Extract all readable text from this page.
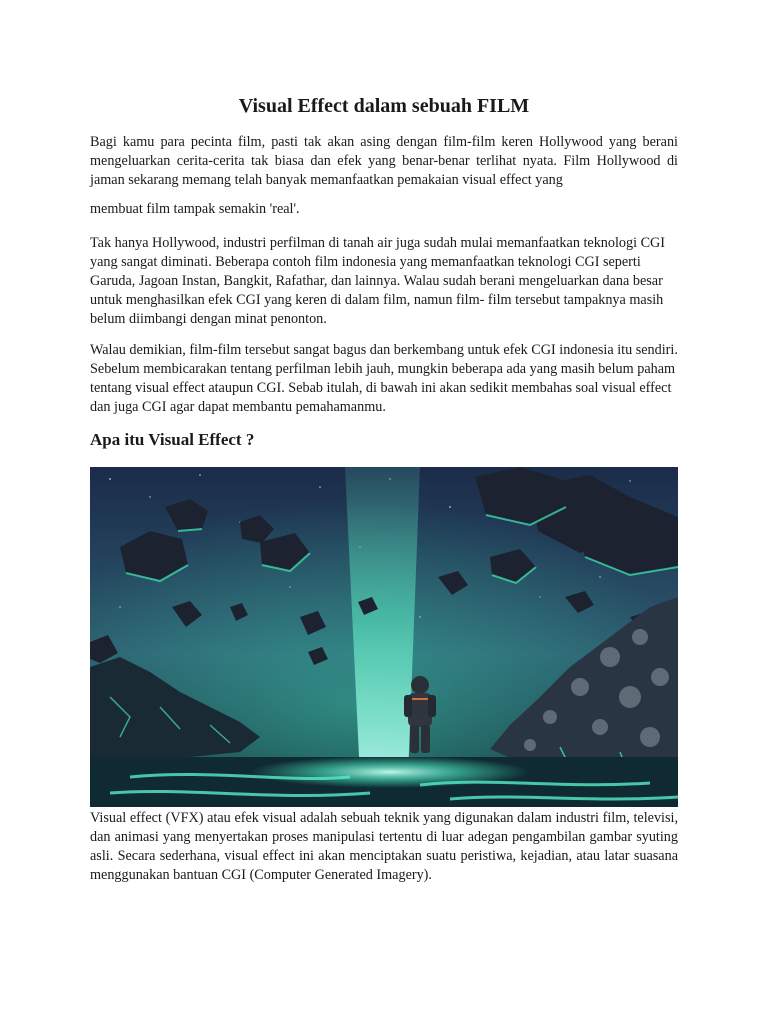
Visual Effect dalam sebuah FILM

Bagi kamu para pecinta film, pasti tak akan asing dengan film-film keren Hollywood yang berani mengeluarkan cerita-cerita tak biasa dan efek yang benar-benar terlihat nyata. Film Hollywood di jaman sekarang memang telah banyak memanfaatkan pemakaian visual effect yang

membuat film tampak semakin 'real'.

Tak hanya Hollywood, industri perfilman di tanah air juga sudah mulai memanfaatkan teknologi CGI yang sangat diminati. Beberapa contoh film indonesia yang memanfaatkan teknologi CGI seperti Garuda, Jagoan Instan, Bangkit, Rafathar, dan lainnya. Walau sudah berani mengeluarkan dana besar untuk menghasilkan efek CGI yang keren di dalam film, namun film- film tersebut tampaknya masih belum diimbangi dengan minat penonton.

Walau demikian, film-film tersebut sangat bagus dan berkembang untuk efek CGI indonesia itu sendiri. Sebelum membicarakan tentang perfilman lebih jauh, mungkin beberapa ada yang masih belum paham tentang visual effect ataupun CGI. Sebab itulah, di bawah ini akan sedikit membahas soal visual effect dan juga CGI agar dapat membantu pemahamanmu.

Apa itu Visual Effect ?

Visual effect (VFX) atau efek visual adalah sebuah teknik yang digunakan dalam industri film, televisi, dan animasi yang menyertakan proses manipulasi tertentu di luar adegan pengambilan gambar syuting asli. Secara sederhana, visual effect ini akan menciptakan suatu peristiwa, kejadian, atau latar suasana menggunakan bantuan CGI (Computer Generated Imagery).
